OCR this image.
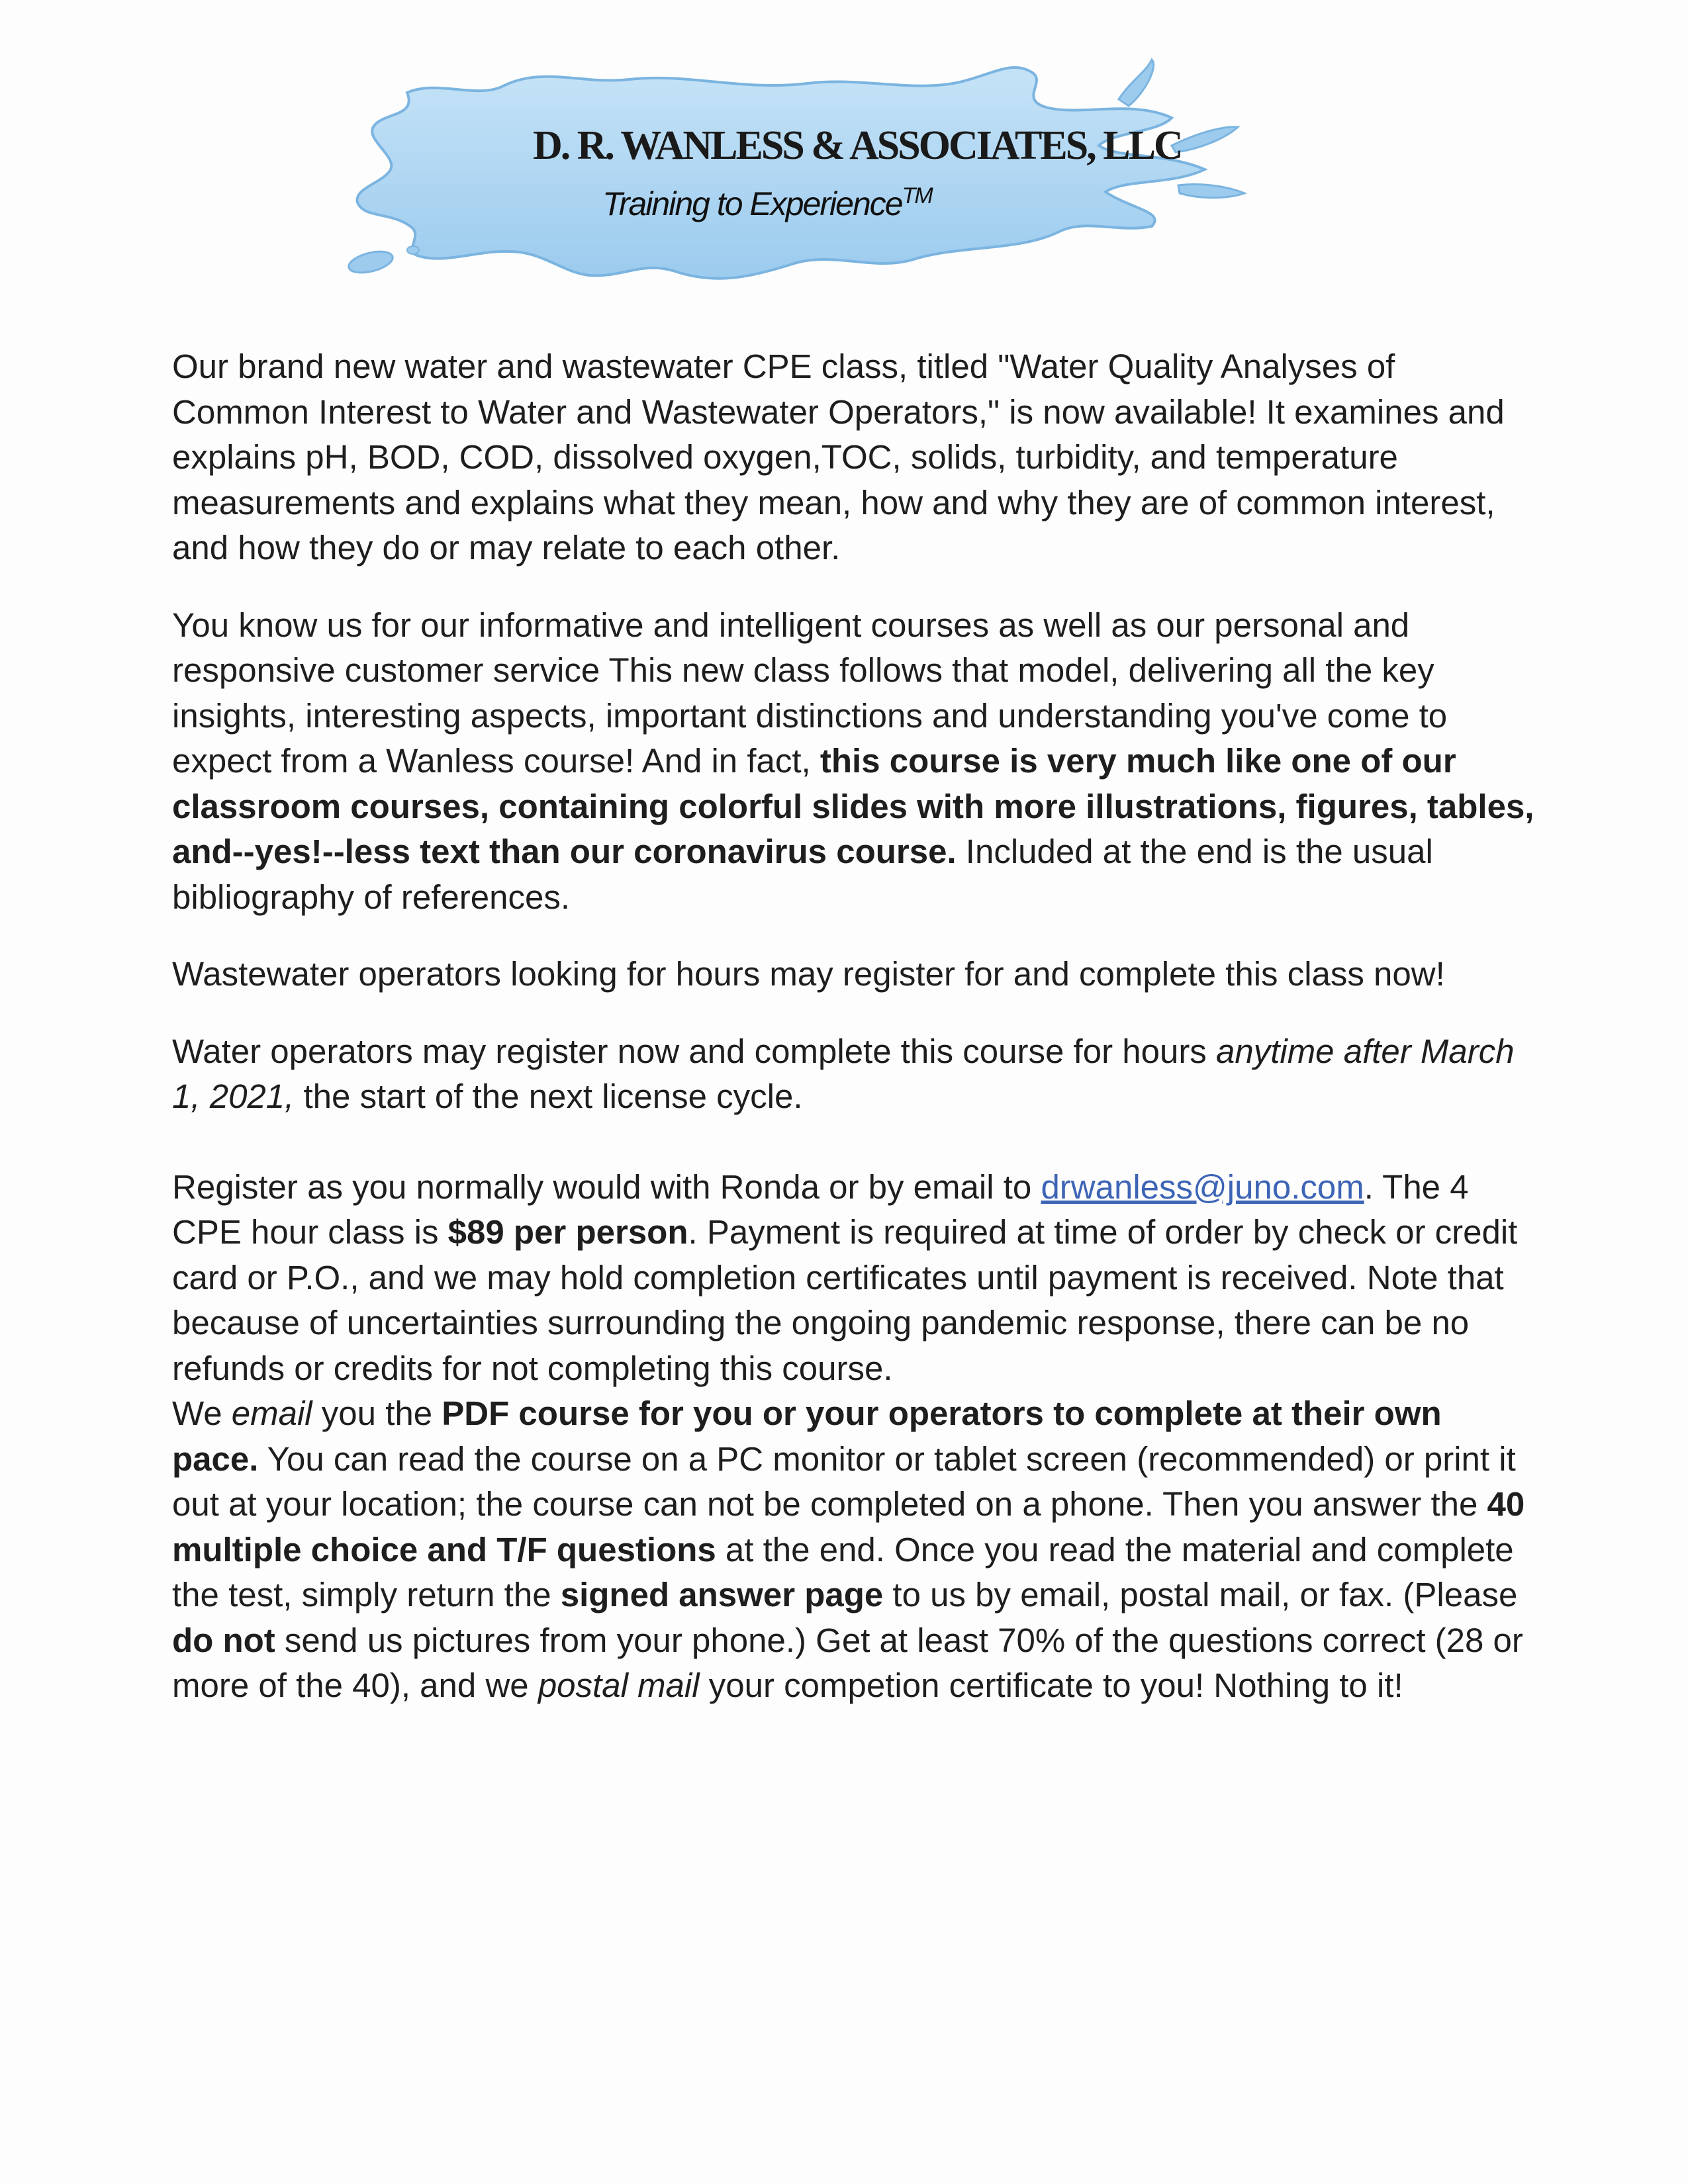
D. R. WANLESS & ASSOCIATES, LLC
Training to Experience™

Our brand new water and wastewater CPE class, titled "Water Quality Analyses of Common Interest to Water and Wastewater Operators," is now available! It examines and explains pH, BOD, COD, dissolved oxygen,TOC, solids, turbidity, and temperature measurements and explains what they mean, how and why they are of common interest, and how they do or may relate to each other.

You know us for our informative and intelligent courses as well as our personal and responsive customer service This new class follows that model, delivering all the key insights, interesting aspects, important distinctions and understanding you've come to expect from a Wanless course! And in fact, this course is very much like one of our classroom courses, containing colorful slides with more illustrations, figures, tables, and--yes!--less text than our coronavirus course. Included at the end is the usual bibliography of references.

Wastewater operators looking for hours may register for and complete this class now!

Water operators may register now and complete this course for hours anytime after March 1, 2021, the start of the next license cycle.

Register as you normally would with Ronda or by email to drwanless@juno.com. The 4 CPE hour class is $89 per person. Payment is required at time of order by check or credit card or P.O., and we may hold completion certificates until payment is received. Note that because of uncertainties surrounding the ongoing pandemic response, there can be no refunds or credits for not completing this course.

We email you the PDF course for you or your operators to complete at their own pace. You can read the course on a PC monitor or tablet screen (recommended) or print it out at your location; the course can not be completed on a phone. Then you answer the 40 multiple choice and T/F questions at the end. Once you read the material and complete the test, simply return the signed answer page to us by email, postal mail, or fax. (Please do not send us pictures from your phone.) Get at least 70% of the questions correct (28 or more of the 40), and we postal mail your competion certificate to you! Nothing to it!
